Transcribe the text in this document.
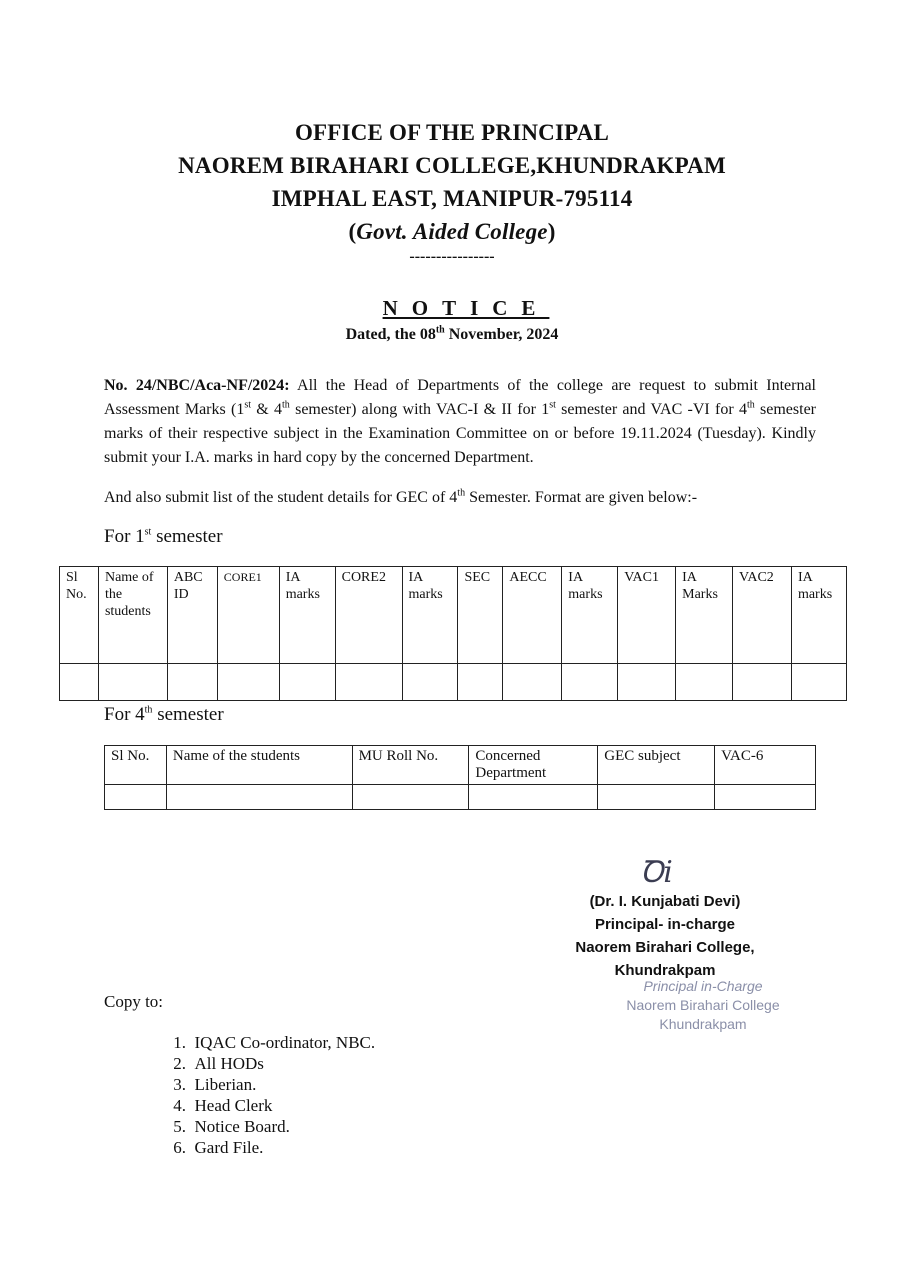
OFFICE OF THE PRINCIPAL
NAOREM BIRAHARI COLLEGE,KHUNDRAKPAM
IMPHAL EAST, MANIPUR-795114
(Govt. Aided College)
----------------
NOTICE
Dated, the 08th November, 2024
No. 24/NBC/Aca-NF/2024: All the Head of Departments of the college are request to submit Internal Assessment Marks (1st & 4th semester) along with VAC-I & II for 1st semester and VAC -VI for 4th semester marks of their respective subject in the Examination Committee on or before 19.11.2024 (Tuesday). Kindly submit your I.A. marks in hard copy by the concerned Department.
And also submit list of the student details for GEC of 4th Semester. Format are given below:-
For 1st semester
Sl No.	Name of the students	ABC ID	CORE1	IA marks	CORE2	IA marks	SEC	AECC	IA marks	VAC1	IA Marks	VAC2	IA marks

For 4th semester
Sl No.	Name of the students	MU Roll No.	Concerned Department	GEC subject	VAC-6

Ꝺi
(Dr. I. Kunjabati Devi)
Principal- in-charge
Naorem Birahari College,
Khundrakpam
Principal in-Charge
Naorem Birahari College
Khundrakpam
Copy to:
1.
IQAC Co-ordinator, NBC.
2.
All HODs
3.
Liberian.
4.
Head Clerk
5.
Notice Board.
6.
Gard File.
